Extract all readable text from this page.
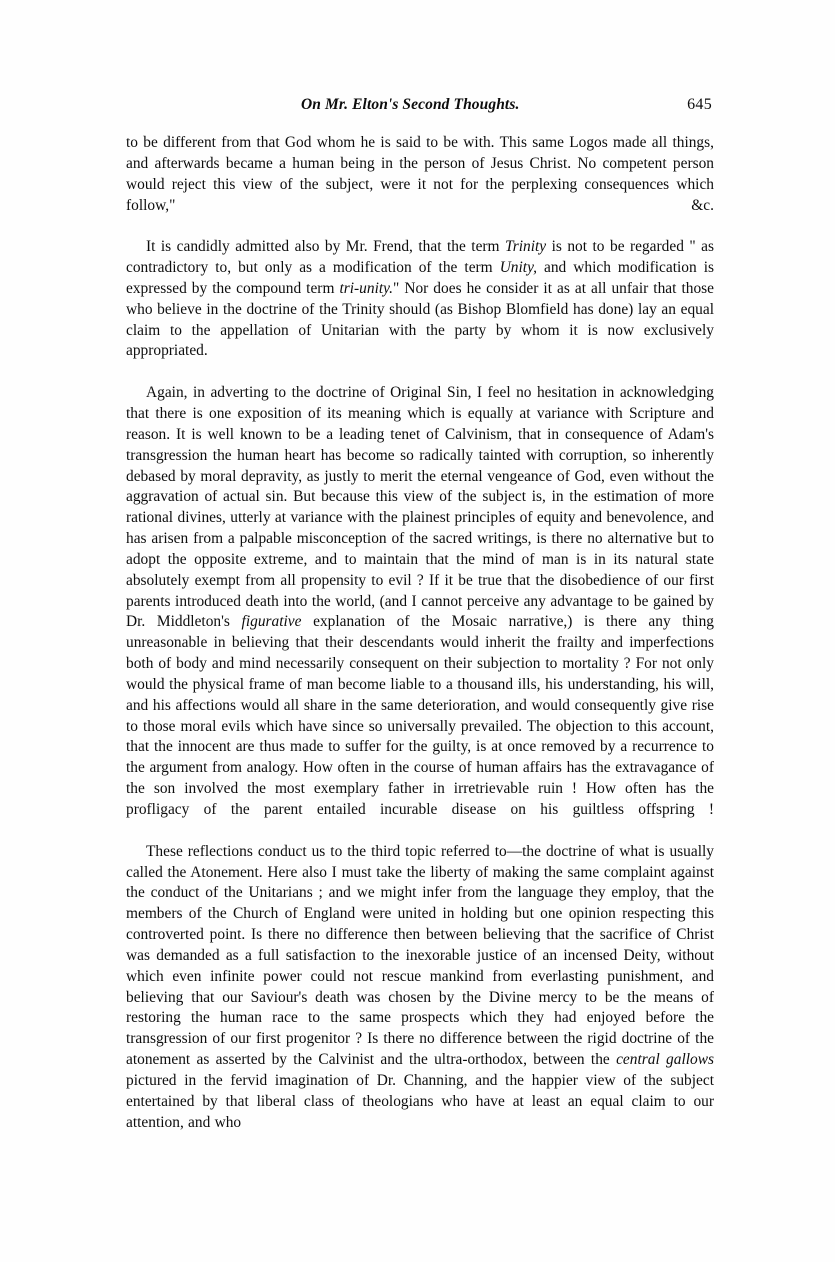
On Mr. Elton's Second Thoughts.	645

to be different from that God whom he is said to be with. This same Logos made all things, and afterwards became a human being in the person of Jesus Christ. No competent person would reject this view of the subject, were it not for the perplexing consequences which follow," &c.

It is candidly admitted also by Mr. Frend, that the term Trinity is not to be regarded " as contradictory to, but only as a modification of the term Unity, and which modification is expressed by the compound term tri-unity." Nor does he consider it as at all unfair that those who believe in the doctrine of the Trinity should (as Bishop Blomfield has done) lay an equal claim to the appellation of Unitarian with the party by whom it is now exclusively appropriated.

Again, in adverting to the doctrine of Original Sin, I feel no hesitation in acknowledging that there is one exposition of its meaning which is equally at variance with Scripture and reason. It is well known to be a leading tenet of Calvinism, that in consequence of Adam's transgression the human heart has become so radically tainted with corruption, so inherently debased by moral depravity, as justly to merit the eternal vengeance of God, even without the aggravation of actual sin. But because this view of the subject is, in the estimation of more rational divines, utterly at variance with the plainest principles of equity and benevolence, and has arisen from a palpable misconception of the sacred writings, is there no alternative but to adopt the opposite extreme, and to maintain that the mind of man is in its natural state absolutely exempt from all propensity to evil ? If it be true that the disobedience of our first parents introduced death into the world, (and I cannot perceive any advantage to be gained by Dr. Middleton's figurative explanation of the Mosaic narrative,) is there any thing unreasonable in believing that their descendants would inherit the frailty and imperfections both of body and mind necessarily consequent on their subjection to mortality ? For not only would the physical frame of man become liable to a thousand ills, his understanding, his will, and his affections would all share in the same deterioration, and would consequently give rise to those moral evils which have since so universally prevailed. The objection to this account, that the innocent are thus made to suffer for the guilty, is at once removed by a recurrence to the argument from analogy. How often in the course of human affairs has the extravagance of the son involved the most exemplary father in irretrievable ruin ! How often has the profligacy of the parent entailed incurable disease on his guiltless offspring !

These reflections conduct us to the third topic referred to—the doctrine of what is usually called the Atonement. Here also I must take the liberty of making the same complaint against the conduct of the Unitarians ; and we might infer from the language they employ, that the members of the Church of England were united in holding but one opinion respecting this controverted point. Is there no difference then between believing that the sacrifice of Christ was demanded as a full satisfaction to the inexorable justice of an incensed Deity, without which even infinite power could not rescue mankind from everlasting punishment, and believing that our Saviour's death was chosen by the Divine mercy to be the means of restoring the human race to the same prospects which they had enjoyed before the transgression of our first progenitor ? Is there no difference between the rigid doctrine of the atonement as asserted by the Calvinist and the ultra-orthodox, between the central gallows pictured in the fervid imagination of Dr. Channing, and the happier view of the subject entertained by that liberal class of theologians who have at least an equal claim to our attention, and who
